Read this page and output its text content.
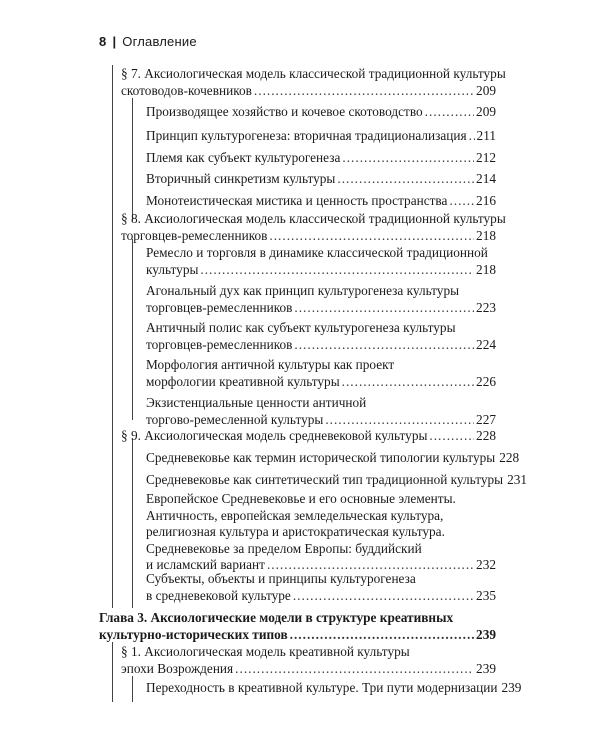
8 | Оглавление
§ 7. Аксиологическая модель классической традиционной культуры
скотоводов-кочевников .....	209
Производящее хозяйство и кочевое скотоводство .....	209
Принцип культурогенеза: вторичная традиционализация ..... 211
Племя как субъект культурогенеза .....	212
Вторичный синкретизм культуры .....	214
Монотеистическая мистика и ценность пространства ..... 216
§ 8. Аксиологическая модель классической традиционной культуры
торговцев-ремесленников .....	218
Ремесло и торговля в динамике классической традиционной
культуры .....	218
Агональный дух как принцип культурогенеза культуры
торговцев-ремесленников .....	223
Античный полис как субъект культурогенеза культуры
торговцев-ремесленников .....	224
Морфология античной культуры как проект
морфологии креативной культуры .....	226
Экзистенциальные ценности античной
торгово-ремесленной культуры .....	227
§ 9. Аксиологическая модель средневековой культуры .....	228
Средневековье как термин исторической типологии культуры 228
Средневековье как синтетический тип традиционной культуры 231
Европейское Средневековье и его основные элементы.
Античность, европейская земледельческая культура,
религиозная культура и аристократическая культура.
Средневековье за пределом Европы: буддийский
и исламский вариант .....	232
Субъекты, объекты и принципы культурогенеза
в средневековой культуре .....	235
Глава 3. Аксиологические модели в структуре креативных
культурно-исторических типов .....	239
§ 1. Аксиологическая модель креативной культуры
эпохи Возрождения .....	239
Переходность в креативной культуре. Три пути модернизации 239
